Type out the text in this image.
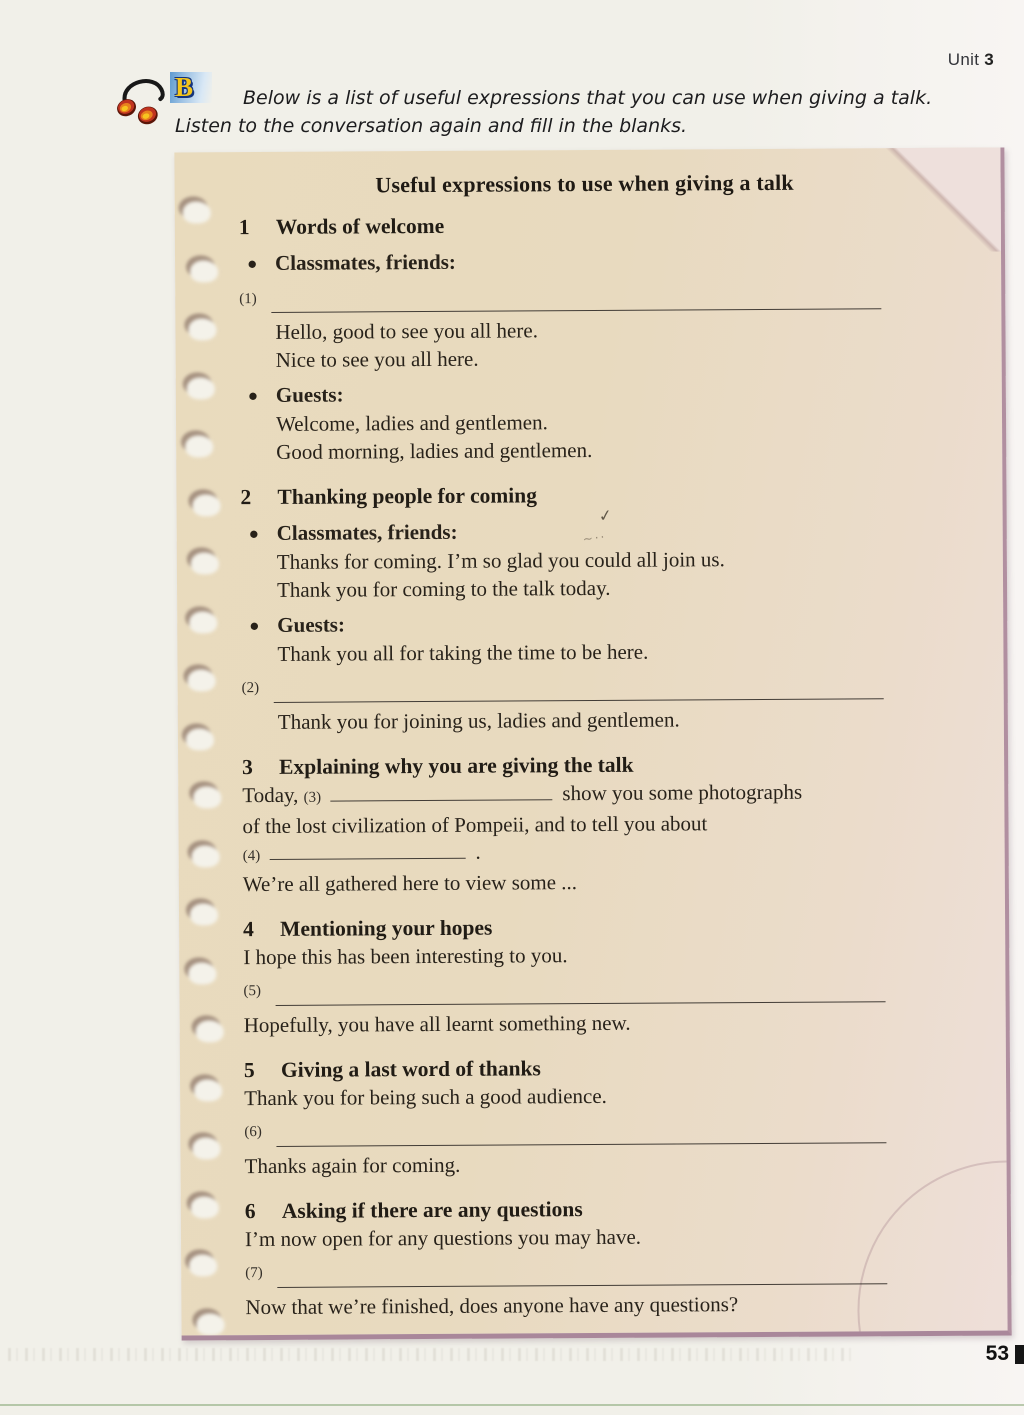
Unit 3
B	Below is a list of useful expressions that you can use when giving a talk. Listen to the conversation again and fill in the blanks.

Useful expressions to use when giving a talk
1 Words of welcome
● Classmates, friends:
(1)
Hello, good to see you all here.
Nice to see you all here.
● Guests:
Welcome, ladies and gentlemen.
Good morning, ladies and gentlemen.
2 Thanking people for coming
● Classmates, friends:
Thanks for coming. I’m so glad you could all join us.
Thank you for coming to the talk today.
● Guests:
Thank you all for taking the time to be here.
(2)
Thank you for joining us, ladies and gentlemen.
3 Explaining why you are giving the talk
Today, (3)	show you some photographs
of the lost civilization of Pompeii, and to tell you about
(4)	.
We’re all gathered here to view some ...
4 Mentioning your hopes
I hope this has been interesting to you.
(5)
Hopefully, you have all learnt something new.
5 Giving a last word of thanks
Thank you for being such a good audience.
(6)
Thanks again for coming.
6 Asking if there are any questions
I’m now open for any questions you may have.
(7)
Now that we’re finished, does anyone have any questions?
✓
~··
53
